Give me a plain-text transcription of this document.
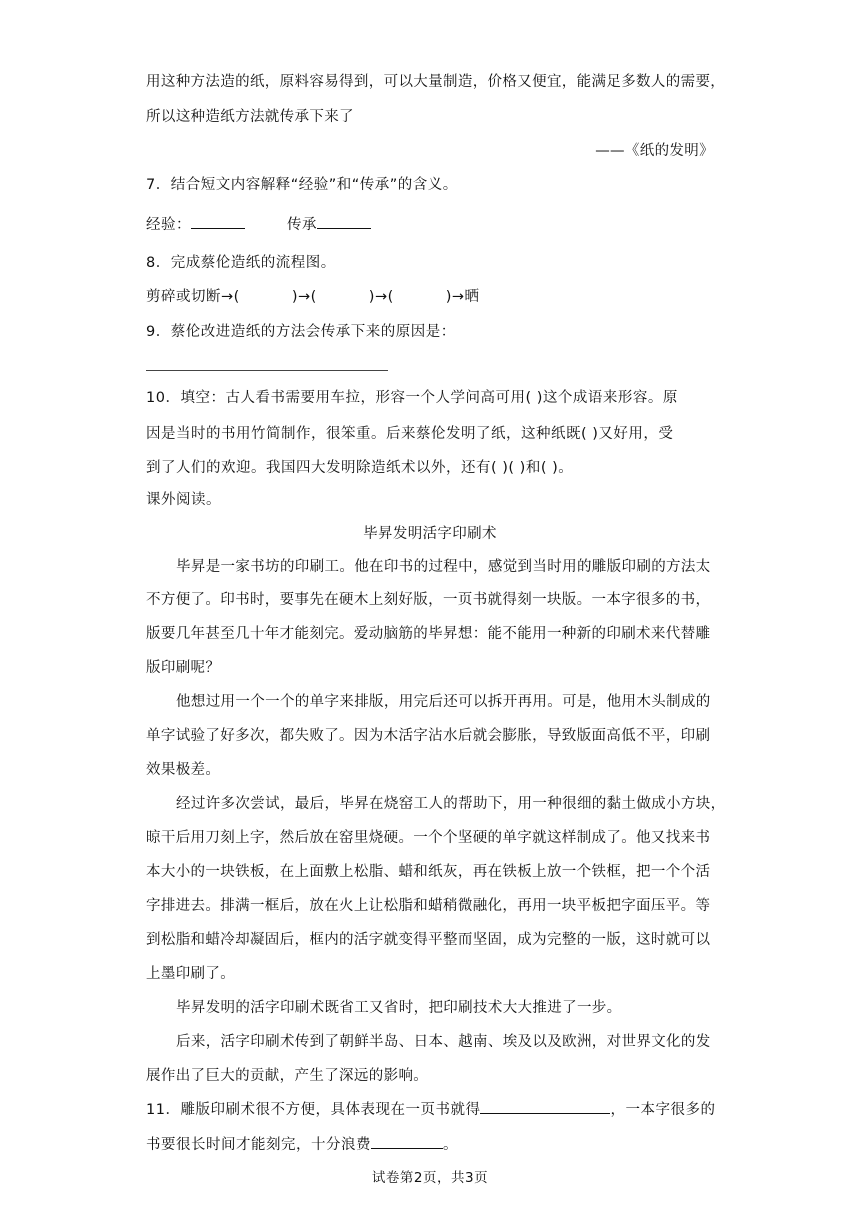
用这种方法造的纸，原料容易得到，可以大量制造，价格又便宜，能满足多数人的需要，
所以这种造纸方法就传承下来了
——《纸的发明》
7．结合短文内容解释“经验”和“传承”的含义。
经验：	传承
8．完成蔡伦造纸的流程图。
剪碎或切断→(	)→(	)→(	)→晒
9．蔡伦改进造纸的方法会传承下来的原因是：
10．填空：古人看书需要用车拉，形容一个人学问高可用( )这个成语来形容。原
因是当时的书用竹简制作，很笨重。后来蔡伦发明了纸，这种纸既( )又好用，受
到了人们的欢迎。我国四大发明除造纸术以外，还有( )( )和( )。
课外阅读。
毕昇发明活字印刷术
毕昇是一家书坊的印刷工。他在印书的过程中，感觉到当时用的雕版印刷的方法太
不方便了。印书时，要事先在硬木上刻好版，一页书就得刻一块版。一本字很多的书，
版要几年甚至几十年才能刻完。爱动脑筋的毕昇想：能不能用一种新的印刷术来代替雕
版印刷呢？
他想过用一个一个的单字来排版，用完后还可以拆开再用。可是，他用木头制成的
单字试验了好多次，都失败了。因为木活字沾水后就会膨胀，导致版面高低不平，印刷
效果极差。
经过许多次尝试，最后，毕昇在烧窑工人的帮助下，用一种很细的黏土做成小方块，
晾干后用刀刻上字，然后放在窑里烧硬。一个个坚硬的单字就这样制成了。他又找来书
本大小的一块铁板，在上面敷上松脂、蜡和纸灰，再在铁板上放一个铁框，把一个个活
字排进去。排满一框后，放在火上让松脂和蜡稍微融化，再用一块平板把字面压平。等
到松脂和蜡冷却凝固后，框内的活字就变得平整而坚固，成为完整的一版，这时就可以
上墨印刷了。
毕昇发明的活字印刷术既省工又省时，把印刷技术大大推进了一步。
后来，活字印刷术传到了朝鲜半岛、日本、越南、埃及以及欧洲，对世界文化的发
展作出了巨大的贡献，产生了深远的影响。
11．雕版印刷术很不方便，具体表现在一页书就得	，一本字很多的
书要很长时间才能刻完，十分浪费	。
试卷第2页，共3页
